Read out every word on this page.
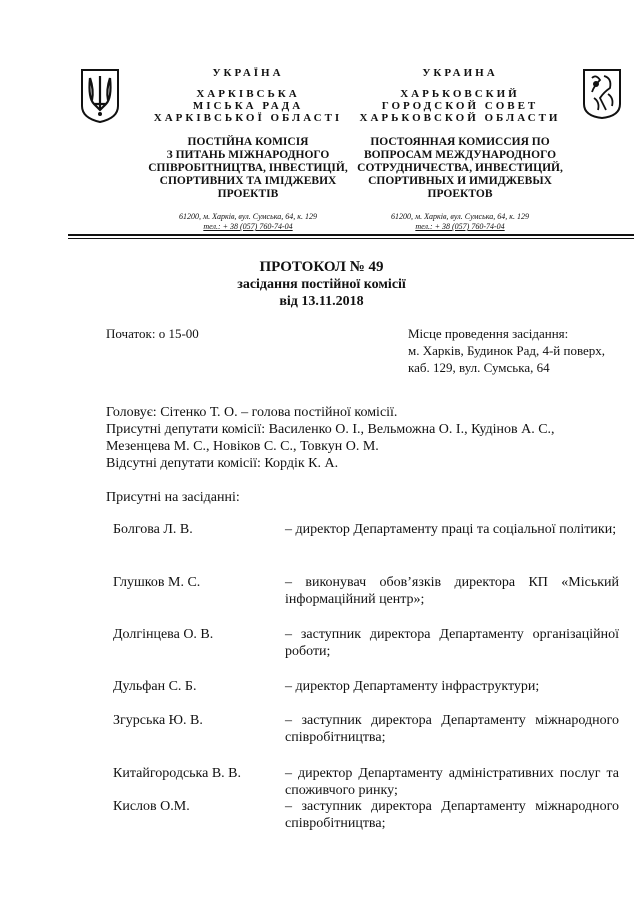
УКРАЇНА
ХАРКІВСЬКА
МІСЬКА РАДА
ХАРКІВСЬКОЇ ОБЛАСТІ
ПОСТІЙНА КОМІСІЯ
З ПИТАНЬ МІЖНАРОДНОГО
СПІВРОБІТНИЦТВА, ІНВЕСТИЦІЙ,
СПОРТИВНИХ ТА ІМІДЖЕВИХ
ПРОЕКТІВ
61200, м. Харків, вул. Сумська, 64, к. 129
тел.: + 38 (057) 760-74-04
УКРАИНА
ХАРЬКОВСКИЙ
ГОРОДСКОЙ СОВЕТ
ХАРЬКОВСКОЙ ОБЛАСТИ
ПОСТОЯННАЯ КОМИССИЯ ПО
ВОПРОСАМ МЕЖДУНАРОДНОГО
СОТРУДНИЧЕСТВА, ИНВЕСТИЦИЙ,
СПОРТИВНЫХ И ИМИДЖЕВЫХ
ПРОЕКТОВ
61200, м. Харків, вул. Сумська, 64, к. 129
тел.: + 38 (057) 760-74-04
ПРОТОКОЛ № 49
засідання постійної комісії
від 13.11.2018
Початок: о 15-00	Місце проведення засідання:
м. Харків, Будинок Рад, 4-й поверх,
каб. 129, вул. Сумська, 64
Головує: Сітенко Т. О. – голова постійної комісії.
Присутні депутати комісії: Василенко О. І., Вельможна О. І., Кудінов А. С.,
Мезенцева М. С., Новіков С. С., Товкун О. М.
Відсутні депутати комісії: Кордік К. А.
Присутні на засіданні:
Болгова Л. В.	– директор Департаменту праці та соціальної політики;
Глушков М. С.	– виконувач обов’язків директора КП «Міський інформаційний центр»;
Долгінцева О. В.	– заступник директора Департаменту організаційної роботи;
Дульфан С. Б.	– директор Департаменту інфраструктури;
Згурська Ю. В.	– заступник директора Департаменту міжнародного співробітництва;
Китайгородська В. В.	– директор Департаменту адміністративних послуг та споживчого ринку;
Кислов О.М.	– заступник директора Департаменту міжнародного співробітництва;
